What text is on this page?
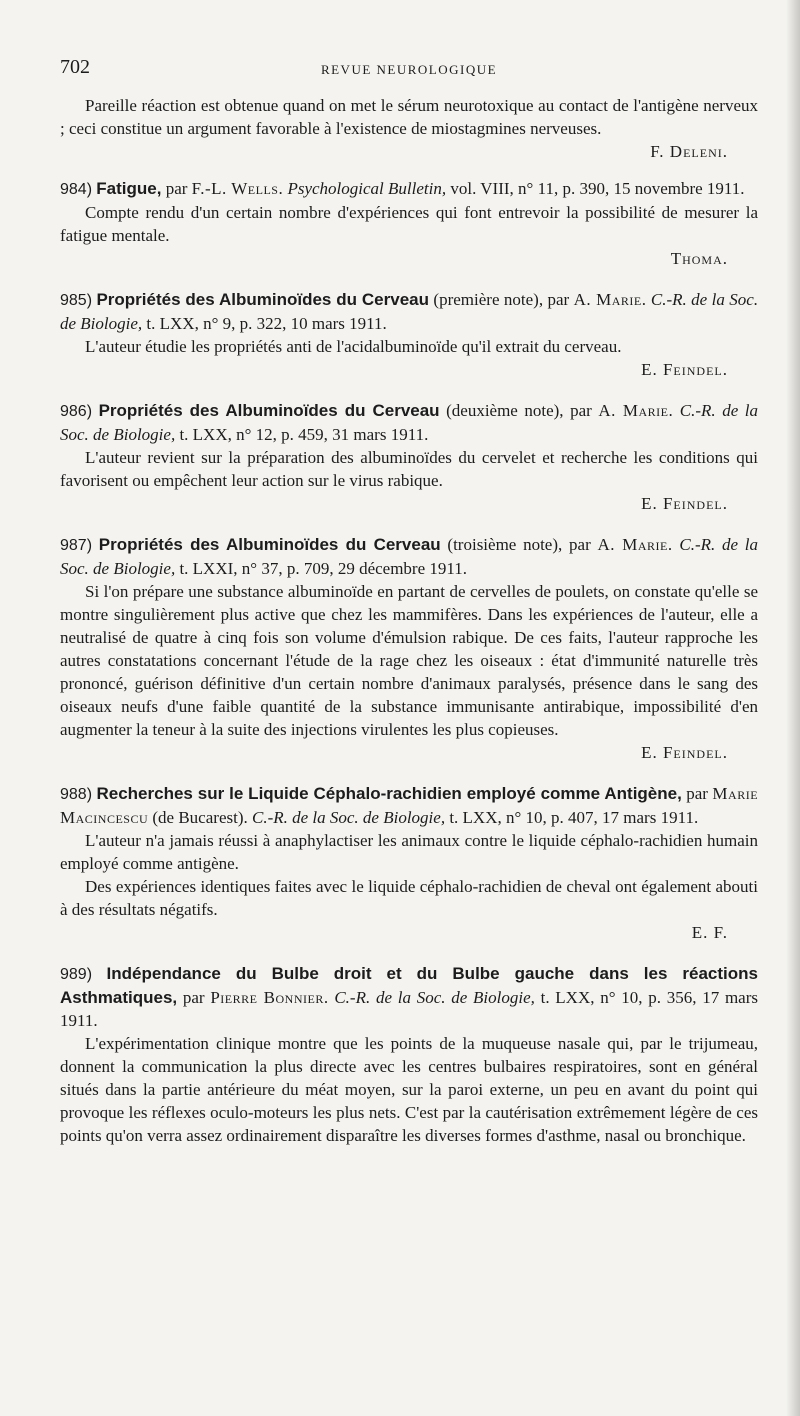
702	REVUE NEUROLOGIQUE

Pareille réaction est obtenue quand on met le sérum neurotoxique au contact de l'antigène nerveux ; ceci constitue un argument favorable à l'existence de miostagmines nerveuses.

F. Deleni.

984) Fatigue, par F.-L. Wells. Psychological Bulletin, vol. VIII, n° 11, p. 390, 15 novembre 1911.

Compte rendu d'un certain nombre d'expériences qui font entrevoir la possibilité de mesurer la fatigue mentale.

Thoma.

985) Propriétés des Albuminoïdes du Cerveau (première note), par A. Marie. C.-R. de la Soc. de Biologie, t. LXX, n° 9, p. 322, 10 mars 1911.

L'auteur étudie les propriétés anti de l'acidalbuminoïde qu'il extrait du cerveau.

E. Feindel.

986) Propriétés des Albuminoïdes du Cerveau (deuxième note), par A. Marie. C.-R. de la Soc. de Biologie, t. LXX, n° 12, p. 459, 31 mars 1911.

L'auteur revient sur la préparation des albuminoïdes du cervelet et recherche les conditions qui favorisent ou empêchent leur action sur le virus rabique.

E. Feindel.

987) Propriétés des Albuminoïdes du Cerveau (troisième note), par A. Marie. C.-R. de la Soc. de Biologie, t. LXXI, n° 37, p. 709, 29 décembre 1911.

Si l'on prépare une substance albuminoïde en partant de cervelles de poulets, on constate qu'elle se montre singulièrement plus active que chez les mammifères. Dans les expériences de l'auteur, elle a neutralisé de quatre à cinq fois son volume d'émulsion rabique. De ces faits, l'auteur rapproche les autres constatations concernant l'étude de la rage chez les oiseaux : état d'immunité naturelle très prononcé, guérison définitive d'un certain nombre d'animaux paralysés, présence dans le sang des oiseaux neufs d'une faible quantité de la substance immunisante antirabique, impossibilité d'en augmenter la teneur à la suite des injections virulentes les plus copieuses.

E. Feindel.

988) Recherches sur le Liquide Céphalo-rachidien employé comme Antigène, par Marie Macincescu (de Bucarest). C.-R. de la Soc. de Biologie, t. LXX, n° 10, p. 407, 17 mars 1911.

L'auteur n'a jamais réussi à anaphylactiser les animaux contre le liquide céphalo-rachidien humain employé comme antigène.

Des expériences identiques faites avec le liquide céphalo-rachidien de cheval ont également abouti à des résultats négatifs.

E. F.

989) Indépendance du Bulbe droit et du Bulbe gauche dans les réactions Asthmatiques, par Pierre Bonnier. C.-R. de la Soc. de Biologie, t. LXX, n° 10, p. 356, 17 mars 1911.

L'expérimentation clinique montre que les points de la muqueuse nasale qui, par le trijumeau, donnent la communication la plus directe avec les centres bulbaires respiratoires, sont en général situés dans la partie antérieure du méat moyen, sur la paroi externe, un peu en avant du point qui provoque les réflexes oculo-moteurs les plus nets. C'est par la cautérisation extrêmement légère de ces points qu'on verra assez ordinairement disparaître les diverses formes d'asthme, nasal ou bronchique.
